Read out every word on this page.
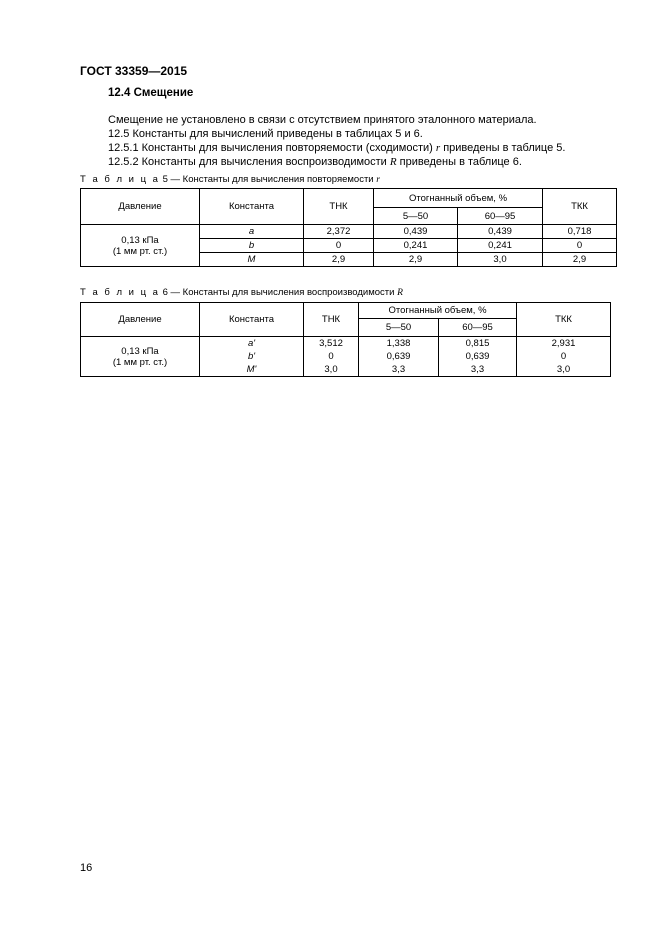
ГОСТ 33359—2015
12.4 Смещение
Смещение не установлено в связи с отсутствием принятого эталонного материала.
12.5 Константы для вычислений приведены в таблицах 5 и 6.
12.5.1 Константы для вычисления повторяемости (сходимости) r приведены в таблице 5.
12.5.2 Константы для вычисления воспроизводимости R приведены в таблице 6.
Т а б л и ц а 5 — Константы для вычисления повторяемости r
Давление	Константа	ТНК	Отогнанный объем, %		ТКК
			5—50	60—95	
0,13 кПа
(1 мм рт. ст.)	a	2,372	0,439	0,439	0,718
	b	0	0,241	0,241	0
	M	2,9	2,9	3,0	2,9
Т а б л и ц а 6 — Константы для вычисления воспроизводимости R
Давление	Константа	ТНК	Отогнанный объем, %		ТКК
			5—50	60—95	
0,13 кПа
(1 мм рт. ст.)	a'	3,512	1,338	0,815	2,931
	b'	0	0,639	0,639	0
	M'	3,0	3,3	3,3	3,0
16
